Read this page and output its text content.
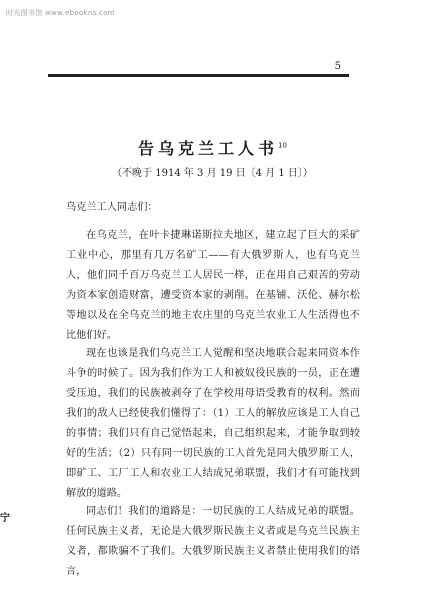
时光图书馆 www.ebookns.com
5
告乌克兰工人书$^{10}$
（不晚于 1914 年 3 月 19 日〔4 月 1 日〕）
乌克兰工人同志们：
在乌克兰，在叶卡捷琳诺斯拉夫地区，建立起了巨大的采矿工业中心，那里有几万名矿工——有大俄罗斯人，也有乌克兰人，他们同千百万乌克兰工人居民一样，正在用自己艰苦的劳动为资本家创造财富，遭受资本家的剥削。在基铺、沃伦、赫尔松等地以及在全乌克兰的地主农庄里的乌克兰农业工人生活得也不比他们好。
现在也该是我们乌克兰工人觉醒和坚决地联合起来同资本作斗争的时候了。因为我们作为工人和被奴役民族的一员，正在遭受压迫，我们的民族被剥夺了在学校用母语受教育的权利。然而我们的敌人已经使我们懂得了：（1）工人的解放应该是工人自己的事情；我们只有自己觉悟起来，自己组织起来，才能争取到较好的生活；（2）只有同一切民族的工人首先是同大俄罗斯工人，即矿工、工厂工人和农业工人结成兄弟联盟，我们才有可能找到解放的道路。
同志们！我们的道路是：一切民族的工人结成兄弟的联盟。任何民族主义者，无论是大俄罗斯民族主义者或是乌克兰民族主义者，都欺骗不了我们。大俄罗斯民族主义者禁止使用我们的语言，
宁
